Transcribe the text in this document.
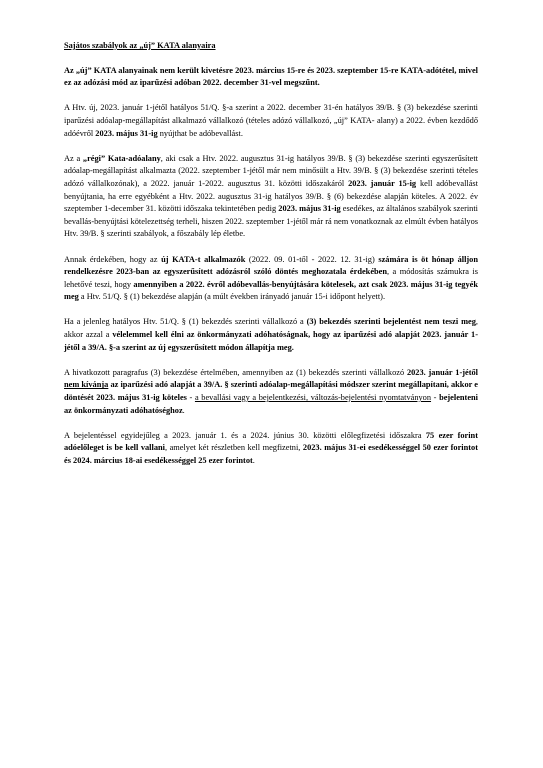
Sajátos szabályok az „új” KATA alanyaira

Az „új” KATA alanyainak nem került kivetésre 2023. március 15-re és 2023. szeptember 15-re KATA-adótétel, mivel ez az adózási mód az iparűzési adóban 2022. december 31-vel megszűnt.

A Htv. új, 2023. január 1-jétől hatályos 51/Q. §-a szerint a 2022. december 31-én hatályos 39/B. § (3) bekezdése szerinti iparűzési adóalap-megállapítást alkalmazó vállalkozó (tételes adózó vállalkozó, „új” KATA- alany) a 2022. évben kezdődő adóévről 2023. május 31-ig nyújthat be adóbevallást.

Az a „régi” Kata-adóalany, aki csak a Htv. 2022. augusztus 31-ig hatályos 39/B. § (3) bekezdése szerinti egyszerűsített adóalap-megállapítást alkalmazta (2022. szeptember 1-jétől már nem minősült a Htv. 39/B. § (3) bekezdése szerinti tételes adózó vállalkozónak), a 2022. január 1-2022. augusztus 31. közötti időszakáról 2023. január 15-ig kell adóbevallást benyújtania, ha erre egyébként a Htv. 2022. augusztus 31-ig hatályos 39/B. § (6) bekezdése alapján köteles. A 2022. év szeptember 1-december 31. közötti időszaka tekintetében pedig 2023. május 31-ig esedékes, az általános szabályok szerinti bevallás-benyújtási kötelezettség terheli, hiszen 2022. szeptember 1-jétől már rá nem vonatkoznak az elmúlt évben hatályos Htv. 39/B. § szerinti szabályok, a főszabály lép életbe.

Annak érdekében, hogy az új KATA-t alkalmazók (2022. 09. 01-től - 2022. 12. 31-ig) számára is öt hónap álljon rendelkezésre 2023-ban az egyszerűsített adózásról szóló döntés meghozatala érdekében, a módosítás számukra is lehetővé teszi, hogy amennyiben a 2022. évről adóbevallás-benyújtására kötelesek, azt csak 2023. május 31-ig tegyék meg a Htv. 51/Q. § (1) bekezdése alapján (a múlt években irányadó január 15-i időpont helyett).

Ha a jelenleg hatályos Htv. 51/Q. § (1) bekezdés szerinti vállalkozó a (3) bekezdés szerinti bejelentést nem teszi meg, akkor azzal a vélelemmel kell élni az önkormányzati adóhatóságnak, hogy az iparűzési adó alapját 2023. január 1-jétől a 39/A. §-a szerint az új egyszerűsített módon állapítja meg.

A hivatkozott paragrafus (3) bekezdése értelmében, amennyiben az (1) bekezdés szerinti vállalkozó 2023. január 1-jétől nem kívánja az iparűzési adó alapját a 39/A. § szerinti adóalap-megállapítási módszer szerint megállapítani, akkor e döntését 2023. május 31-ig köteles - a bevallási vagy a bejelentkezési, változás-bejelentési nyomtatványon - bejelenteni az önkormányzati adóhatóséghoz.

A bejelentéssel egyidejűleg a 2023. január 1. és a 2024. június 30. közötti előlegfizetési időszakra 75 ezer forint adóelőleget is be kell vallani, amelyet két részletben kell megfizetni, 2023. május 31-ei esedékességgel 50 ezer forintot és 2024. március 18-ai esedékességgel 25 ezer forintot.
